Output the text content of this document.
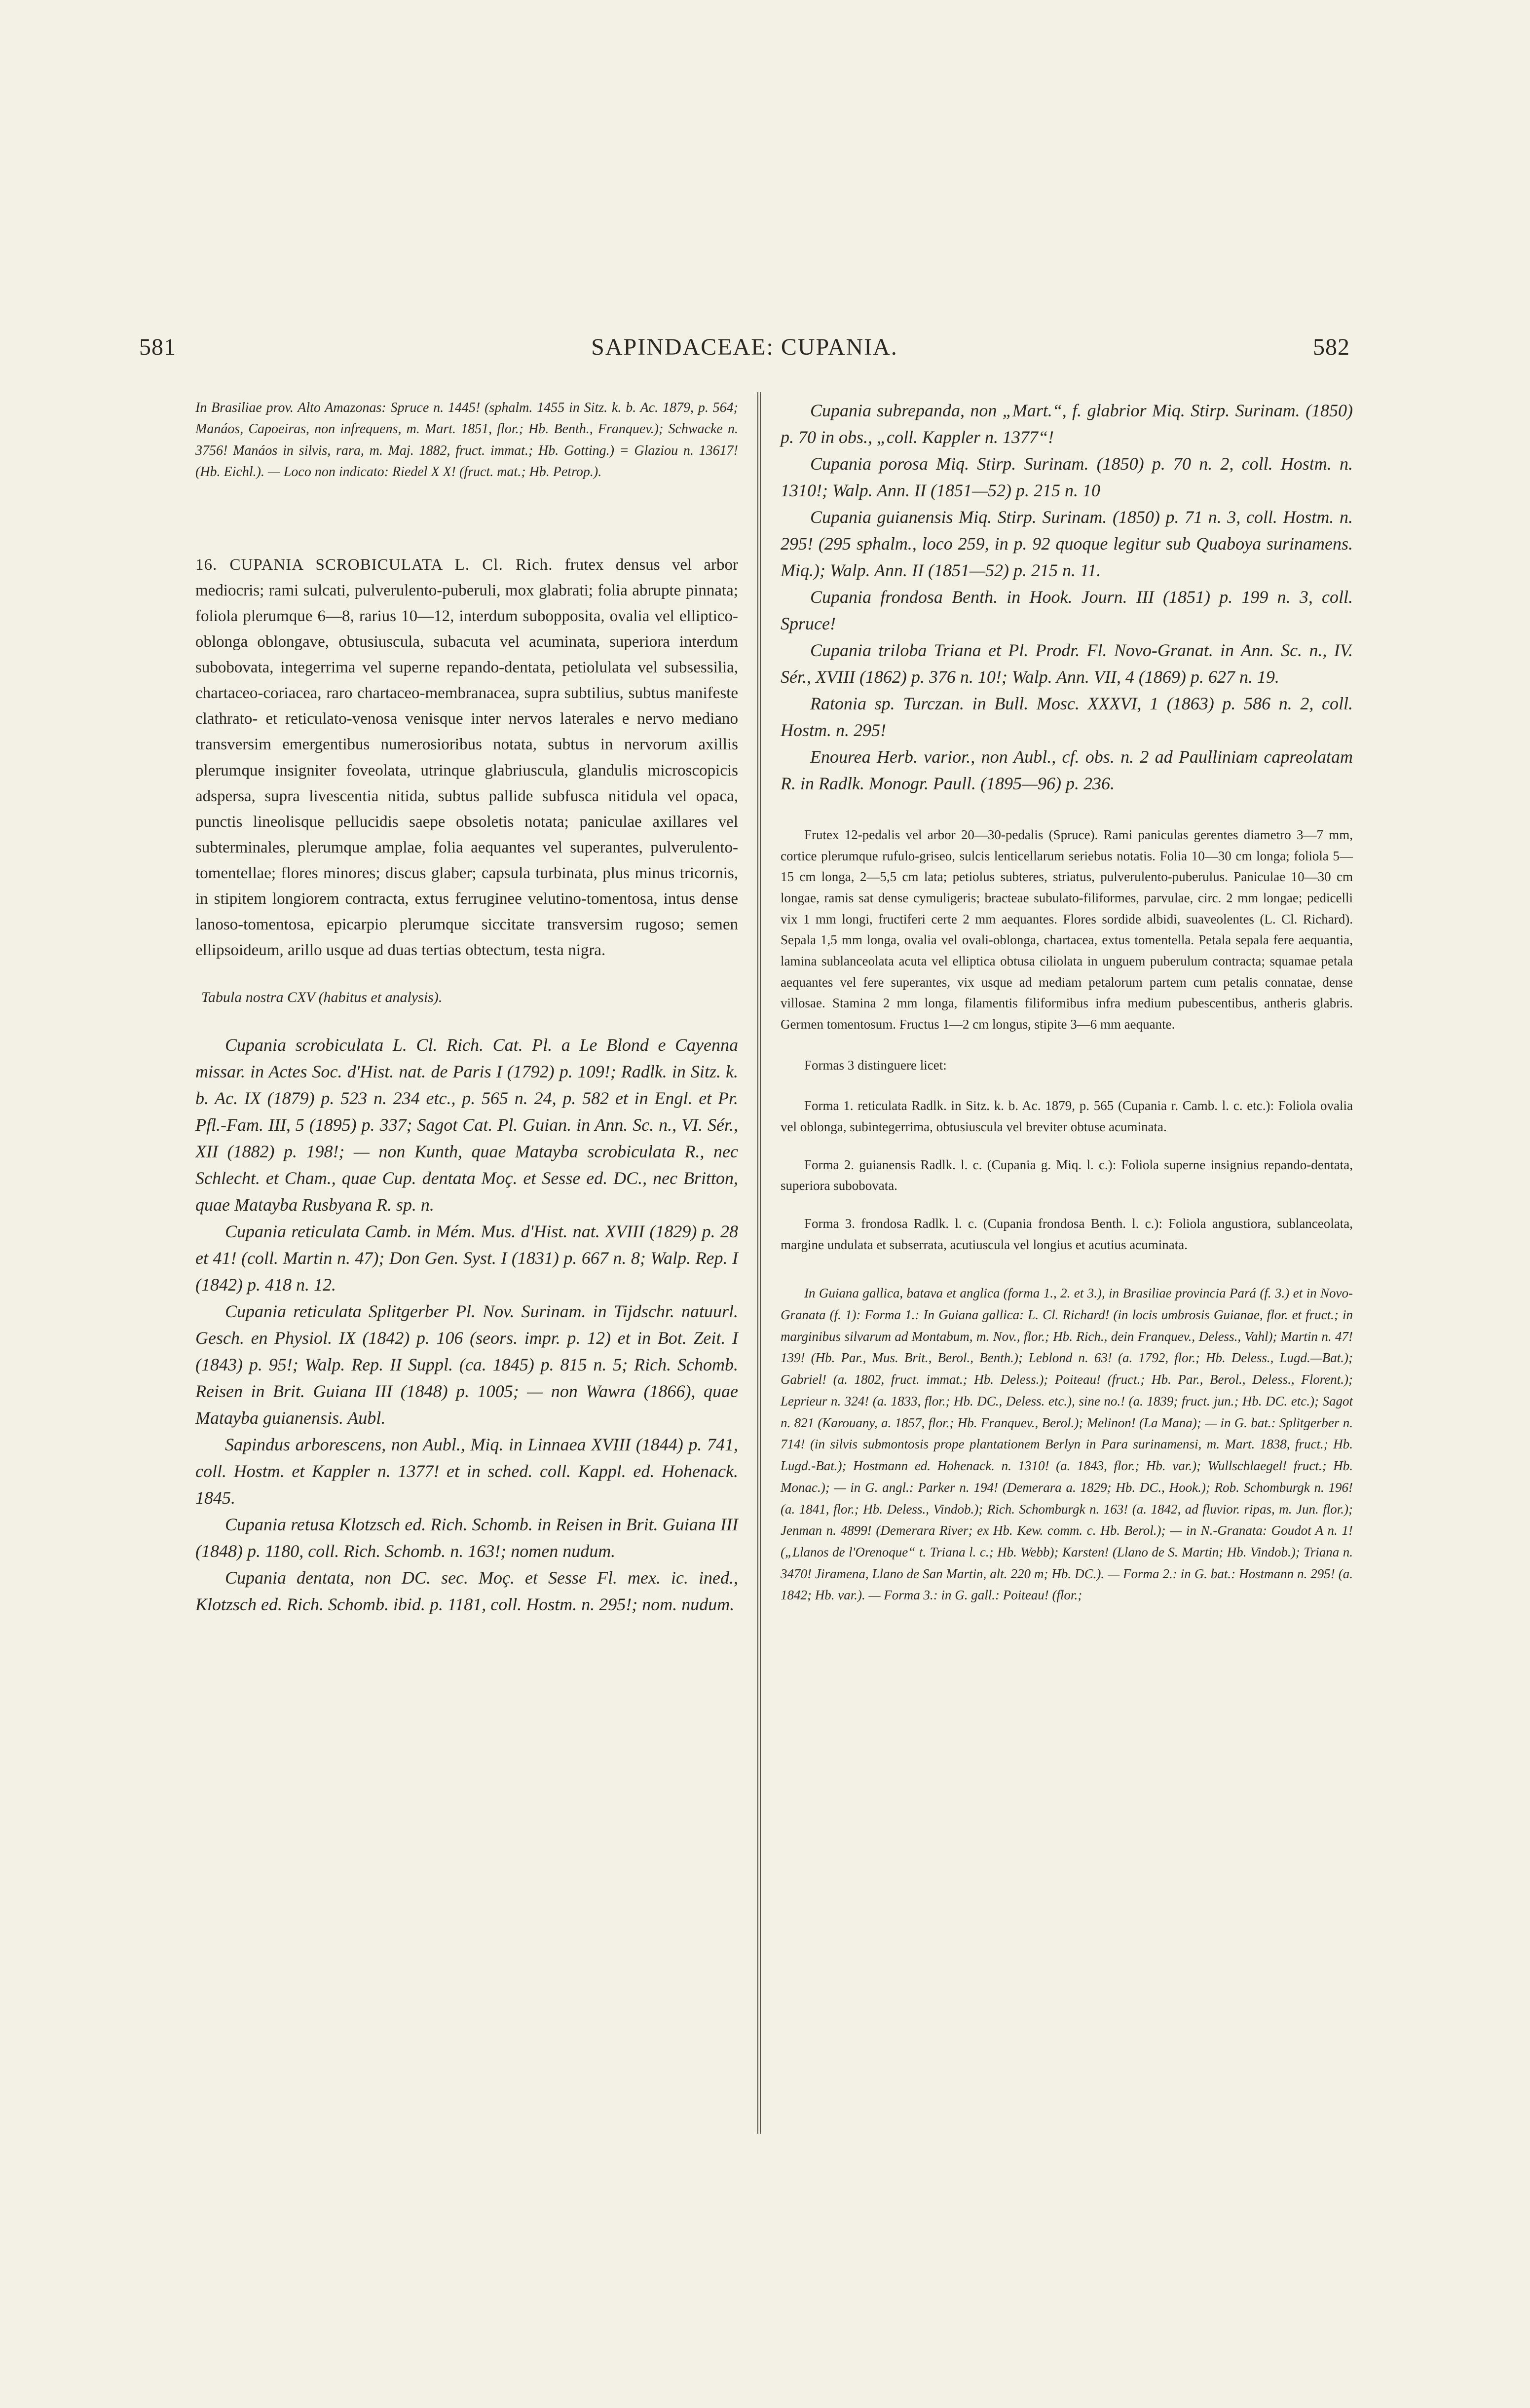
581	SAPINDACEAE: CUPANIA.	582

In Brasiliae prov. Alto Amazonas: Spruce n. 1445! (sphalm. 1455 in Sitz. k. b. Ac. 1879, p. 564; Manáos, Capoeiras, non infrequens, m. Mart. 1851, flor.; Hb. Benth., Franquev.); Schwacke n. 3756! Manáos in silvis, rara, m. Maj. 1882, fruct. immat.; Hb. Gotting.) = Glaziou n. 13617! (Hb. Eichl.). — Loco non indicato: Riedel X X! (fruct. mat.; Hb. Petrop.).

16. CUPANIA SCROBICULATA L. Cl. Rich. frutex densus vel arbor mediocris; rami sulcati, pulverulento-puberuli, mox glabrati; folia abrupte pinnata; foliola plerumque 6—8, rarius 10—12, interdum subopposita, ovalia vel elliptico-oblonga oblongave, obtusiuscula, subacuta vel acuminata, superiora interdum subobovata, integerrima vel superne repando-dentata, petiolulata vel subsessilia, chartaceo-coriacea, raro chartaceo-membranacea, supra subtilius, subtus manifeste clathrato- et reticulato-venosa venisque inter nervos laterales e nervo mediano transversim emergentibus numerosioribus notata, subtus in nervorum axillis plerumque insigniter foveolata, utrinque glabriuscula, glandulis microscopicis adspersa, supra livescentia nitida, subtus pallide subfusca nitidula vel opaca, punctis lineolisque pellucidis saepe obsoletis notata; paniculae axillares vel subterminales, plerumque amplae, folia aequantes vel superantes, pulverulento-tomentellae; flores minores; discus glaber; capsula turbinata, plus minus tricornis, in stipitem longiorem contracta, extus ferruginee velutino-tomentosa, intus dense lanoso-tomentosa, epicarpio plerumque siccitate transversim rugoso; semen ellipsoideum, arillo usque ad duas tertias obtectum, testa nigra.

Tabula nostra CXV (habitus et analysis).

Cupania scrobiculata L. Cl. Rich. Cat. Pl. a Le Blond e Cayenna missar. in Actes Soc. d'Hist. nat. de Paris I (1792) p. 109!; Radlk. in Sitz. k. b. Ac. IX (1879) p. 523 n. 234 etc., p. 565 n. 24, p. 582 et in Engl. et Pr. Pfl.-Fam. III, 5 (1895) p. 337; Sagot Cat. Pl. Guian. in Ann. Sc. n., VI. Sér., XII (1882) p. 198!; — non Kunth, quae Matayba scrobiculata R., nec Schlecht. et Cham., quae Cup. dentata Moç. et Sesse ed. DC., nec Britton, quae Matayba Rusbyana R. sp. n.

Cupania reticulata Camb. in Mém. Mus. d'Hist. nat. XVIII (1829) p. 28 et 41! (coll. Martin n. 47); Don Gen. Syst. I (1831) p. 667 n. 8; Walp. Rep. I (1842) p. 418 n. 12.

Cupania reticulata Splitgerber Pl. Nov. Surinam. in Tijdschr. natuurl. Gesch. en Physiol. IX (1842) p. 106 (seors. impr. p. 12) et in Bot. Zeit. I (1843) p. 95!; Walp. Rep. II Suppl. (ca. 1845) p. 815 n. 5; Rich. Schomb. Reisen in Brit. Guiana III (1848) p. 1005; — non Wawra (1866), quae Matayba guianensis. Aubl.

Sapindus arborescens, non Aubl., Miq. in Linnaea XVIII (1844) p. 741, coll. Hostm. et Kappler n. 1377! et in sched. coll. Kappl. ed. Hohenack. 1845.

Cupania retusa Klotzsch ed. Rich. Schomb. in Reisen in Brit. Guiana III (1848) p. 1180, coll. Rich. Schomb. n. 163!; nomen nudum.

Cupania dentata, non DC. sec. Moç. et Sesse Fl. mex. ic. ined., Klotzsch ed. Rich. Schomb. ibid. p. 1181, coll. Hostm. n. 295!; nom. nudum.

Cupania subrepanda, non „Mart.“, f. glabrior Miq. Stirp. Surinam. (1850) p. 70 in obs., „coll. Kappler n. 1377“!

Cupania porosa Miq. Stirp. Surinam. (1850) p. 70 n. 2, coll. Hostm. n. 1310!; Walp. Ann. II (1851—52) p. 215 n. 10

Cupania guianensis Miq. Stirp. Surinam. (1850) p. 71 n. 3, coll. Hostm. n. 295! (295 sphalm., loco 259, in p. 92 quoque legitur sub Quaboya surinamens. Miq.); Walp. Ann. II (1851—52) p. 215 n. 11.

Cupania frondosa Benth. in Hook. Journ. III (1851) p. 199 n. 3, coll. Spruce!

Cupania triloba Triana et Pl. Prodr. Fl. Novo-Granat. in Ann. Sc. n., IV. Sér., XVIII (1862) p. 376 n. 10!; Walp. Ann. VII, 4 (1869) p. 627 n. 19.

Ratonia sp. Turczan. in Bull. Mosc. XXXVI, 1 (1863) p. 586 n. 2, coll. Hostm. n. 295!

Enourea Herb. varior., non Aubl., cf. obs. n. 2 ad Paulliniam capreolatam R. in Radlk. Monogr. Paull. (1895—96) p. 236.

Frutex 12-pedalis vel arbor 20—30-pedalis (Spruce). Rami paniculas gerentes diametro 3—7 mm, cortice plerumque rufulo-griseo, sulcis lenticellarum seriebus notatis. Folia 10—30 cm longa; foliola 5—15 cm longa, 2—5,5 cm lata; petiolus subteres, striatus, pulverulento-puberulus. Paniculae 10—30 cm longae, ramis sat dense cymuligeris; bracteae subulato-filiformes, parvulae, circ. 2 mm longae; pedicelli vix 1 mm longi, fructiferi certe 2 mm aequantes. Flores sordide albidi, suaveolentes (L. Cl. Richard). Sepala 1,5 mm longa, ovalia vel ovali-oblonga, chartacea, extus tomentella. Petala sepala fere aequantia, lamina sublanceolata acuta vel elliptica obtusa ciliolata in unguem puberulum contracta; squamae petala aequantes vel fere superantes, vix usque ad mediam petalorum partem cum petalis connatae, dense villosae. Stamina 2 mm longa, filamentis filiformibus infra medium pubescentibus, antheris glabris. Germen tomentosum. Fructus 1—2 cm longus, stipite 3—6 mm aequante.

Formas 3 distinguere licet:

Forma 1. reticulata Radlk. in Sitz. k. b. Ac. 1879, p. 565 (Cupania r. Camb. l. c. etc.): Foliola ovalia vel oblonga, subintegerrima, obtusiuscula vel breviter obtuse acuminata.

Forma 2. guianensis Radlk. l. c. (Cupania g. Miq. l. c.): Foliola superne insignius repando-dentata, superiora subobovata.

Forma 3. frondosa Radlk. l. c. (Cupania frondosa Benth. l. c.): Foliola angustiora, sublanceolata, margine undulata et subserrata, acutiuscula vel longius et acutius acuminata.

In Guiana gallica, batava et anglica (forma 1., 2. et 3.), in Brasiliae provincia Pará (f. 3.) et in Novo-Granata (f. 1): Forma 1.: In Guiana gallica: L. Cl. Richard! (in locis umbrosis Guianae, flor. et fruct.; in marginibus silvarum ad Montabum, m. Nov., flor.; Hb. Rich., dein Franquev., Deless., Vahl); Martin n. 47! 139! (Hb. Par., Mus. Brit., Berol., Benth.); Leblond n. 63! (a. 1792, flor.; Hb. Deless., Lugd.—Bat.); Gabriel! (a. 1802, fruct. immat.; Hb. Deless.); Poiteau! (fruct.; Hb. Par., Berol., Deless., Florent.); Leprieur n. 324! (a. 1833, flor.; Hb. DC., Deless. etc.), sine no.! (a. 1839; fruct. jun.; Hb. DC. etc.); Sagot n. 821 (Karouany, a. 1857, flor.; Hb. Franquev., Berol.); Melinon! (La Mana); — in G. bat.: Splitgerber n. 714! (in silvis submontosis prope plantationem Berlyn in Para surinamensi, m. Mart. 1838, fruct.; Hb. Lugd.-Bat.); Hostmann ed. Hohenack. n. 1310! (a. 1843, flor.; Hb. var.); Wullschlaegel! fruct.; Hb. Monac.); — in G. angl.: Parker n. 194! (Demerara a. 1829; Hb. DC., Hook.); Rob. Schomburgk n. 196! (a. 1841, flor.; Hb. Deless., Vindob.); Rich. Schomburgk n. 163! (a. 1842, ad fluvior. ripas, m. Jun. flor.); Jenman n. 4899! (Demerara River; ex Hb. Kew. comm. c. Hb. Berol.); — in N.-Granata: Goudot A n. 1! („Llanos de l'Orenoque“ t. Triana l. c.; Hb. Webb); Karsten! (Llano de S. Martin; Hb. Vindob.); Triana n. 3470! Jiramena, Llano de San Martin, alt. 220 m; Hb. DC.). — Forma 2.: in G. bat.: Hostmann n. 295! (a. 1842; Hb. var.). — Forma 3.: in G. gall.: Poiteau! (flor.;
